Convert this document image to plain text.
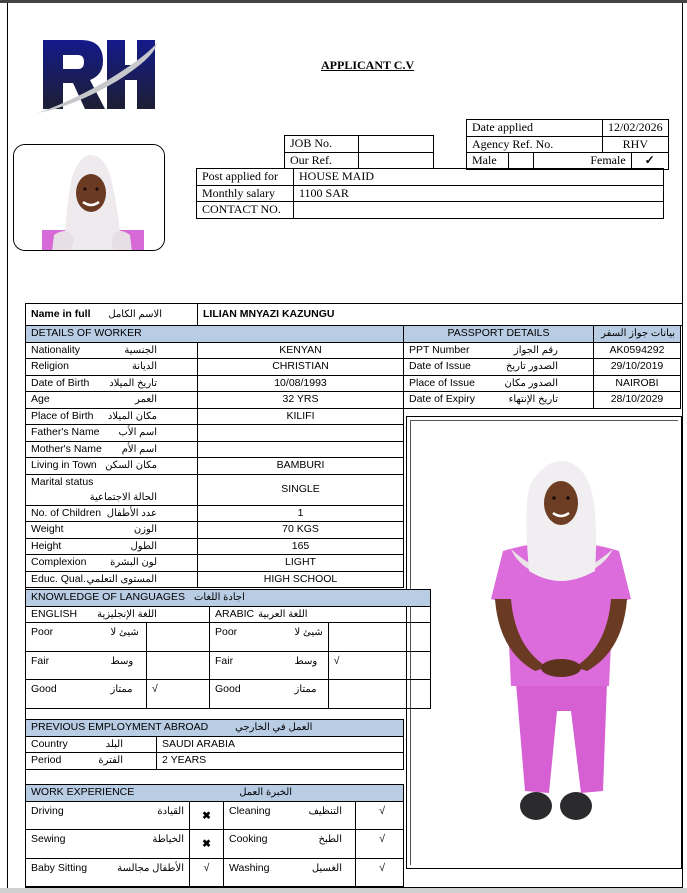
APPLICANT C.V
JOB No.	
Our Ref.	
Date applied			12/02/2026	
Agency Ref. No.			RHV	
Male		Female		✓
Post applied for	HOUSE MAID
Monthly salary	1100 SAR
CONTACT NO.	
Name in full الاسم الكامل	LILIAN MNYAZI KAZUNGU
DETAILS OF WORKER	
Nationality الجنسية	KENYAN
Religion الديانة	CHRISTIAN
Date of Birth تاريخ الميلاد	10/08/1993
Age العمر	32 YRS
Place of Birth مكان الميلاد	KILIFI
Father's Name اسم الأب	

Mother's Name اسم الأم	

Living in Town مكان السكن	BAMBURI
Marital status
الحالة الاجتماعية	SINGLE
No. of Children عدد الأطفال	1
Weight الوزن	70 KGS
Height الطول	165
Complexion لون البشرة	LIGHT
Educ. Qual. المستوى التعلمي	HIGH SCHOOL
PASSPORT DETAILS	بيانات جواز السفر
PPT Number رقم الجواز	AK0594292
Date of Issue الصدور تاريخ	29/10/2019
Place of Issue الصدور مكان	NAIROBI
Date of Expiry تاريخ الإنتهاء	28/10/2029
KNOWLEDGE OF LANGUAGES اجادة اللغات					
ENGLISH اللغة الإنجليزية			ARABIC اللغة العربية		
Poor	شيئ لا		Poor	شيئ لا	
Fair	وسط		Fair	وسط	√
Good	ممتاز	√	Good	ممتاز	
PREVIOUS EMPLOYMENT ABROAD العمل في الخارجي	
Country البلد	SAUDI ARABIA
Period الفترة	2 YEARS
WORK EXPERIENCE الخبرة العمل			
Driving القيادة	✖	Cleaning التنظيف	√
Sewing الخياطة	✖	Cooking الطبخ	√
Baby Sitting الأطفال مجالسة	√	Washing الغسيل	√
